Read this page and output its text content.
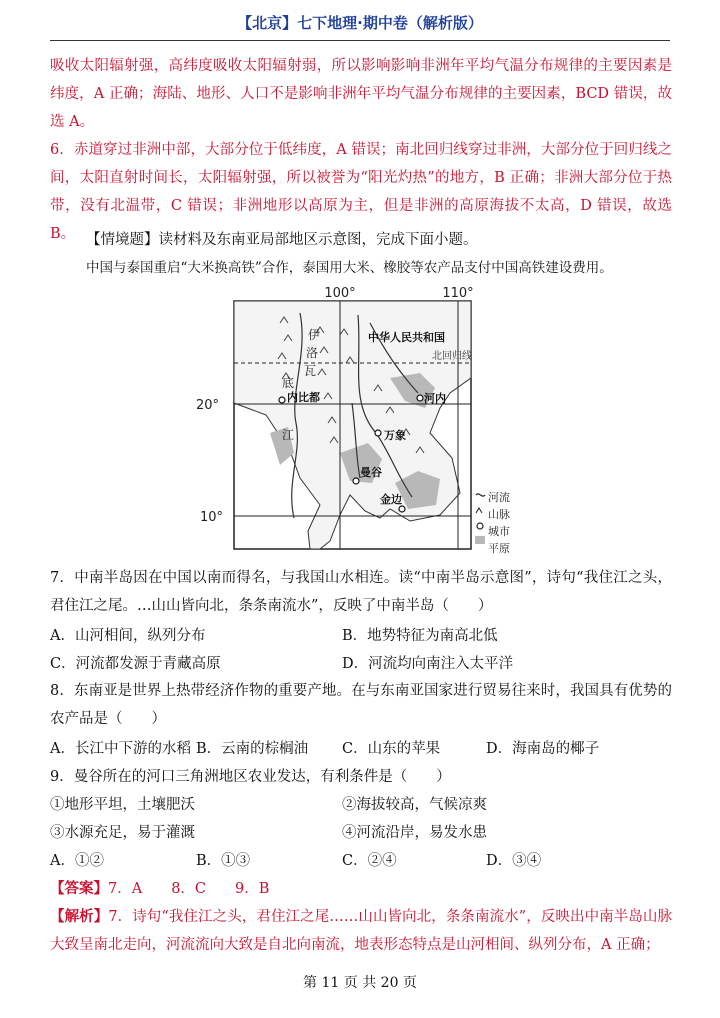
【北京】七下地理·期中卷（解析版）

吸收太阳辐射强，高纬度吸收太阳辐射弱，所以影响影响非洲年平均气温分布规律的主要因素是纬度，A 正确；海陆、地形、人口不是影响非洲年平均气温分布规律的主要因素，BCD 错误，故选 A。

6．赤道穿过非洲中部，大部分位于低纬度，A 错误；南北回归线穿过非洲，大部分位于回归线之间，太阳直射时间长，太阳辐射强，所以被誉为“阳光灼热”的地方，B 正确；非洲大部分位于热带，没有北温带，C 错误；非洲地形以高原为主，但是非洲的高原海拔不太高，D 错误，故选 B。 【情境题】读材料及东南亚局部地区示意图，完成下面小题。

中国与泰国重启“大米换高铁”合作，泰国用大米、橡胶等农产品支付中国高铁建设费用。

100°	110°
20°
10°
伊
洛
瓦
底
江
中华人民共和国
北回归线
内比都	河内
万象
曼谷
金边	河流
山脉
城市
平原

7．中南半岛因在中国以南而得名，与我国山水相连。读“中南半岛示意图”，诗句“我住江之头，君住江之尾。…山山皆向北，条条南流水”，反映了中南半岛（　　）

A．山河相间，纵列分布	B．地势特征为南高北低
C．河流都发源于青藏高原	D．河流均向南注入太平洋

8．东南亚是世界上热带经济作物的重要产地。在与东南亚国家进行贸易往来时，我国具有优势的农产品是（　　）

A．长江中下游的水稻 B．云南的棕榈油 C．山东的苹果	D．海南岛的椰子
9．曼谷所在的河口三角洲地区农业发达，有利条件是（　　）
①地形平坦，土壤肥沃	②海拔较高，气候凉爽
③水源充足，易于灌溉	④河流沿岸，易发水患
A．①②	B．①③	C．②④	D．③④
【答案】7．A　　8．C　　9．B

【解析】7．诗句“我住江之头，君住江之尾……山山皆向北，条条南流水”，反映出中南半岛山脉大致呈南北走向，河流流向大致是自北向南流，地表形态特点是山河相间、纵列分布，A 正确；

第 11 页 共 20 页
